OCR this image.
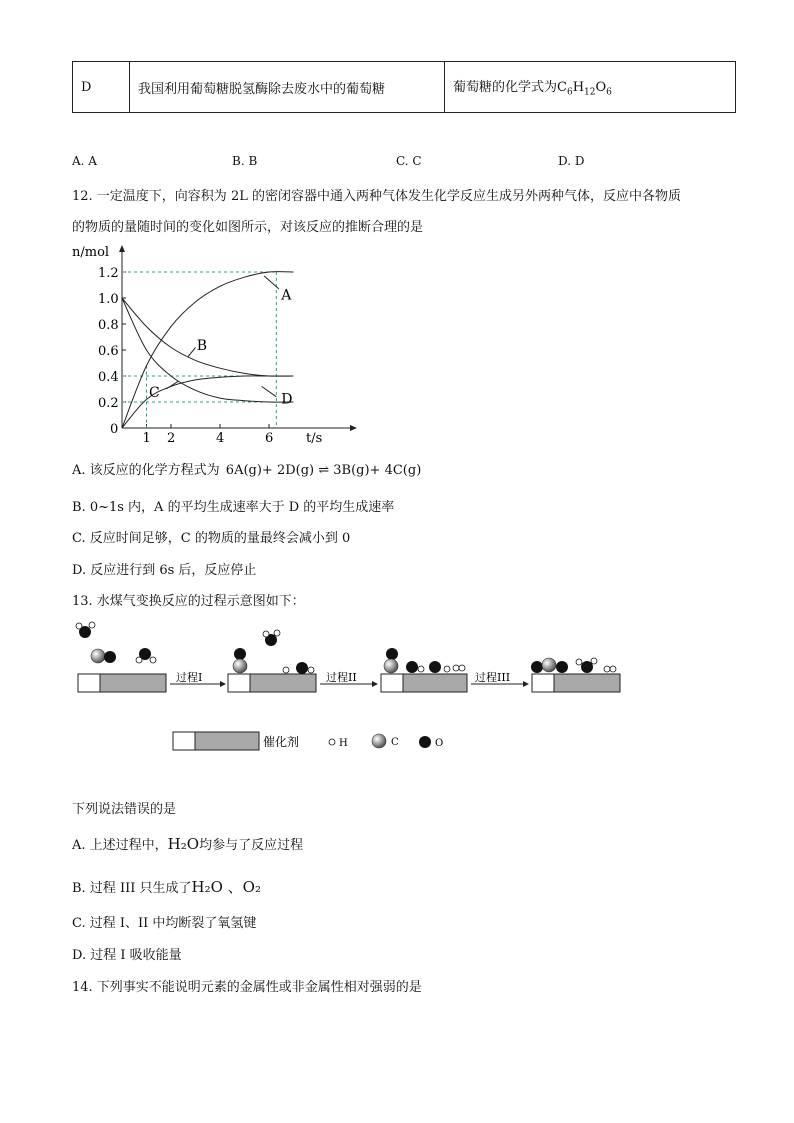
D	我国利用葡萄糖脱氢酶除去废水中的葡萄糖	葡萄糖的化学式为$C_6H_{12}O_6$
A. A	B. B	C. C	D. D
12. 一定温度下，向容积为 2L 的密闭容器中通入两种气体发生化学反应生成另外两种气体，反应中各物质
的物质的量随时间的变化如图所示，对该反应的推断合理的是
n/mol
t/s
1.2
1.0
0.8
0.6
0.4
0.2
0
1 2	4	6
A
B
C	D
A. 该反应的化学方程式为 6A(g)+ 2D(g) ⇌ 3B(g)+ 4C(g)
B. 0~1s 内，A 的平均生成速率大于 D 的平均生成速率
C. 反应时间足够，C 的物质的量最终会减小到 0
D. 反应进行到 6s 后，反应停止
13. 水煤气变换反应的过程示意图如下：
过程I	过程II	过程III
催化剂	H	C	O
下列说法错误的是
A. 上述过程中，H₂O均参与了反应过程
B. 过程 III 只生成了H₂O 、O₂
C. 过程 I、II 中均断裂了氧氢键
D. 过程 I 吸收能量
14. 下列事实不能说明元素的金属性或非金属性相对强弱的是
